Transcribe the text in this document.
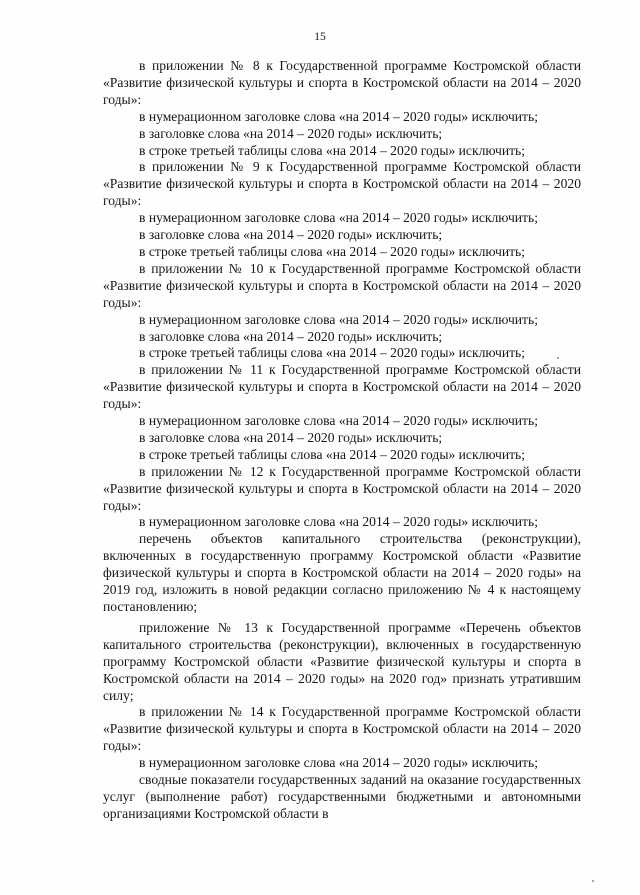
15

в приложении № 8 к Государственной программе Костромской области «Развитие физической культуры и спорта в Костромской области на 2014 – 2020 годы»:

в нумерационном заголовке слова «на 2014 – 2020 годы» исключить;

в заголовке слова «на 2014 – 2020 годы» исключить;

в строке третьей таблицы слова «на 2014 – 2020 годы» исключить;

в приложении № 9 к Государственной программе Костромской области «Развитие физической культуры и спорта в Костромской области на 2014 – 2020 годы»:

в нумерационном заголовке слова «на 2014 – 2020 годы» исключить;

в заголовке слова «на 2014 – 2020 годы» исключить;

в строке третьей таблицы слова «на 2014 – 2020 годы» исключить;

в приложении № 10 к Государственной программе Костромской области «Развитие физической культуры и спорта в Костромской области на 2014 – 2020 годы»:

в нумерационном заголовке слова «на 2014 – 2020 годы» исключить;

в заголовке слова «на 2014 – 2020 годы» исключить;

в строке третьей таблицы слова «на 2014 – 2020 годы» исключить;

в приложении № 11 к Государственной программе Костромской области «Развитие физической культуры и спорта в Костромской области на 2014 – 2020 годы»:

в нумерационном заголовке слова «на 2014 – 2020 годы» исключить;

в заголовке слова «на 2014 – 2020 годы» исключить;

в строке третьей таблицы слова «на 2014 – 2020 годы» исключить;

в приложении № 12 к Государственной программе Костромской области «Развитие физической культуры и спорта в Костромской области на 2014 – 2020 годы»:

в нумерационном заголовке слова «на 2014 – 2020 годы» исключить;

перечень объектов капитального строительства (реконструкции), включенных в государственную программу Костромской области «Развитие физической культуры и спорта в Костромской области на 2014 – 2020 годы» на 2019 год, изложить в новой редакции согласно приложению № 4 к настоящему постановлению;

приложение № 13 к Государственной программе «Перечень объектов капитального строительства (реконструкции), включенных в государственную программу Костромской области «Развитие физической культуры и спорта в Костромской области на 2014 – 2020 годы» на 2020 год» признать утратившим силу;

в приложении № 14 к Государственной программе Костромской области «Развитие физической культуры и спорта в Костромской области на 2014 – 2020 годы»:

в нумерационном заголовке слова «на 2014 – 2020 годы» исключить;

сводные показатели государственных заданий на оказание государственных услуг (выполнение работ) государственными бюджетными и автономными организациями Костромской области в
